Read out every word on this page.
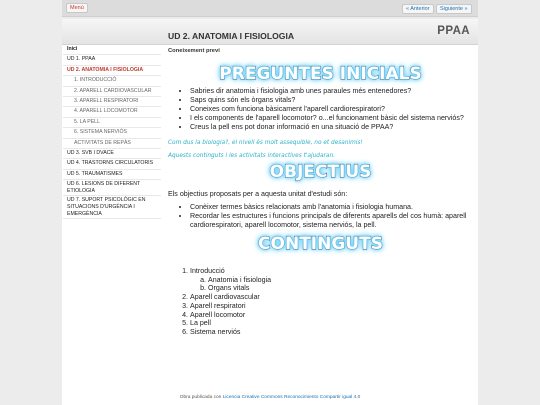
Menú	« Anterior	Siguiente »
UD 2. ANATOMIA I FISIOLOGIA	PPAA
Inici
UD 1. PPAA
UD 2. ANATOMIA I FISIOLOGIA
1. INTRODUCCIÓ
2. APARELL CARDIOVASCULAR
3. APARELL RESPIRATORI
4. APARELL LOCOMOTOR
5. LA PELL
6. SISTEMA NERVIÓS
ACTIVITATS DE REPÀS
UD 3. SVB I DVACE
UD 4. TRASTORNS CIRCULATORIS
UD 5. TRAUMATISMES
UD 6. LESIONS DE DIFERENT ETIOLOGIA
UD 7. SUPORT PSICOLÒGIC EN SITUACIONS D'URGÈNCIA I EMERGÈNCIA
Coneixement previ
PREGUNTES INICIALS
• Sabries dir anatomia i fisiologia amb unes paraules més entenedores?
• Saps quins són els òrgans vitals?
• Coneixes com funciona bàsicament l'aparell cardiorespiratori?
• I els components de l'aparell locomotor? o...el funcionament bàsic del sistema nerviós?
• Creus la pell ens pot donar informació en una situació de PPAA?
Com dus la biologia?, el nivell és molt assequible, no et desanimis!
Aquests continguts i les activitats interactives t'ajudaran.
OBJECTIUS

Els objectius proposats per a aquesta unitat d'estudi són:

• Conèixer termes bàsics relacionats amb l'anatomia i fisiologia humana.
• Recordar les estructures i funcions principals de diferents aparells del cos humà: aparell cardiorespiratori, aparell locomotor, sistema nerviós, la pell.
CONTINGUTS
1. Introducció
a. Anatomia i fisiologia
b. Organs vitals
2. Aparell cardiovascular
3. Aparell respiratori
4. Aparell locomotor
5. La pell
6. Sistema nerviós
Obra publicada con Licencia Creative Commons Reconocimiento Compartir igual 4.0
